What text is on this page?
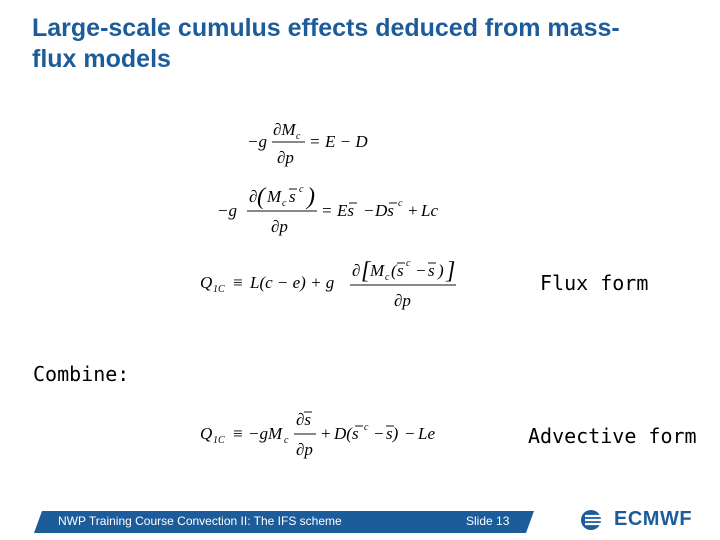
Large-scale cumulus effects deduced from mass-flux models
−g
∂M c
∂p
= E − D
−g
∂ ( M c s c )
∂p
= Es − Ds c + Lc
Q 1C ≡ L(c − e) + g
∂ [ M c ( s c − s ) ]
∂p
Flux form
Combine:
Q 1C ≡ −gM c
∂s
∂p
+ D(s c − s) − Le	Advective form
NWP Training Course Convection II: The IFS scheme	Slide 13	ECMWF
